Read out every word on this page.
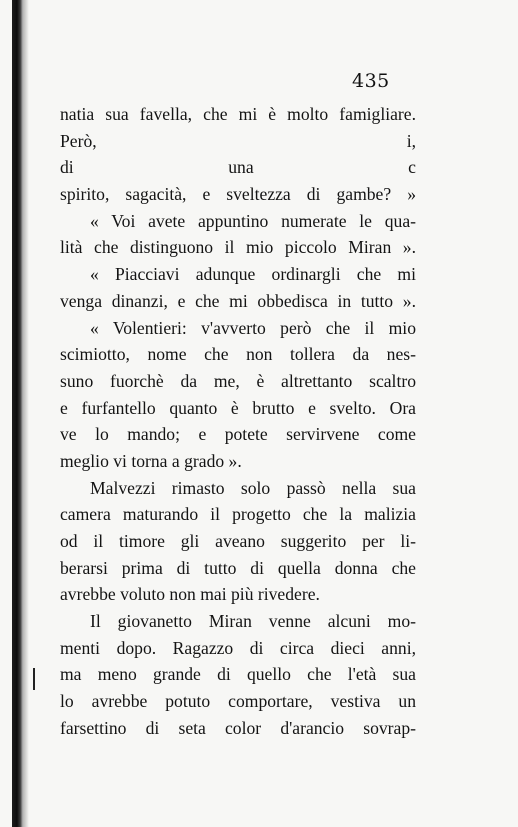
435
natia sua favella, che mi è molto famigliare.
Però, i,
di una c
spirito, sagacità, e sveltezza di gambe? »
« Voi avete appuntino numerate le qua-
lità che distinguono il mio piccolo Miran ».
« Piacciavi adunque ordinargli che mi
venga dinanzi, e che mi obbedisca in tutto ».
« Volentieri: v'avverto però che il mio
scimiotto, nome che non tollera da nes-
suno fuorchè da me, è altrettanto scaltro
e furfantello quanto è brutto e svelto. Ora
ve lo mando; e potete servirvene come
meglio vi torna a grado ».
Malvezzi rimasto solo passò nella sua
camera maturando il progetto che la malizia
od il timore gli aveano suggerito per li-
berarsi prima di tutto di quella donna che
avrebbe voluto non mai più rivedere.
Il giovanetto Miran venne alcuni mo-
menti dopo. Ragazzo di circa dieci anni,
ma meno grande di quello che l'età sua
lo avrebbe potuto comportare, vestiva un
farsettino di seta color d'arancio sovrap-
